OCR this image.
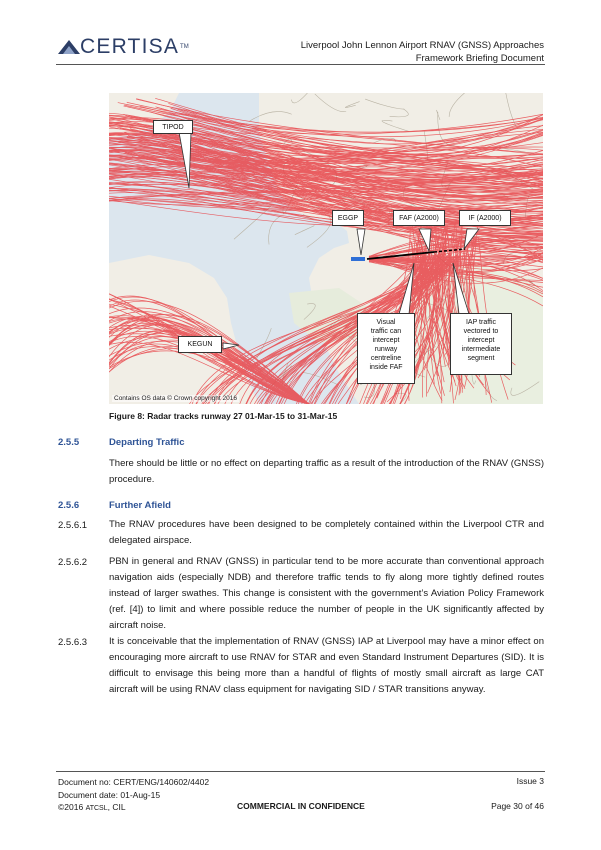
CERTISA TM	Liverpool John Lennon Airport RNAV (GNSS) Approaches
Framework Briefing Document
TIPOD
EGGP	FAF (A2000)	IF (A2000)
KEGUN
Visual
traffic can
intercept
runway
centreline
inside FAF
IAP traffic
vectored to
intercept
intermediate
segment
Contains OS data © Crown copyright 2016
Figure 8: Radar tracks runway 27 01-Mar-15 to 31-Mar-15
2.5.5	Departing Traffic
There should be little or no effect on departing traffic as a result of the introduction of the RNAV (GNSS) procedure.
2.5.6	Further Afield
2.5.6.1 The RNAV procedures have been designed to be completely contained within the Liverpool CTR and delegated airspace.
2.5.6.2 PBN in general and RNAV (GNSS) in particular tend to be more accurate than conventional approach navigation aids (especially NDB) and therefore traffic tends to fly along more tightly defined routes instead of larger swathes. This change is consistent with the government’s Aviation Policy Framework (ref. [4]) to limit and where possible reduce the number of people in the UK significantly affected by aircraft noise.
2.5.6.3 It is conceivable that the implementation of RNAV (GNSS) IAP at Liverpool may have a minor effect on encouraging more aircraft to use RNAV for STAR and even Standard Instrument Departures (SID). It is difficult to envisage this being more than a handful of flights of mostly small aircraft as large CAT aircraft will be using RNAV class equipment for navigating SID / STAR transitions anyway.
Document no: CERT/ENG/140602/4402
Document date: 01-Aug-15
©2016 ATCSL, CIL	COMMERCIAL IN CONFIDENCE
Issue 3
Page 30 of 46
